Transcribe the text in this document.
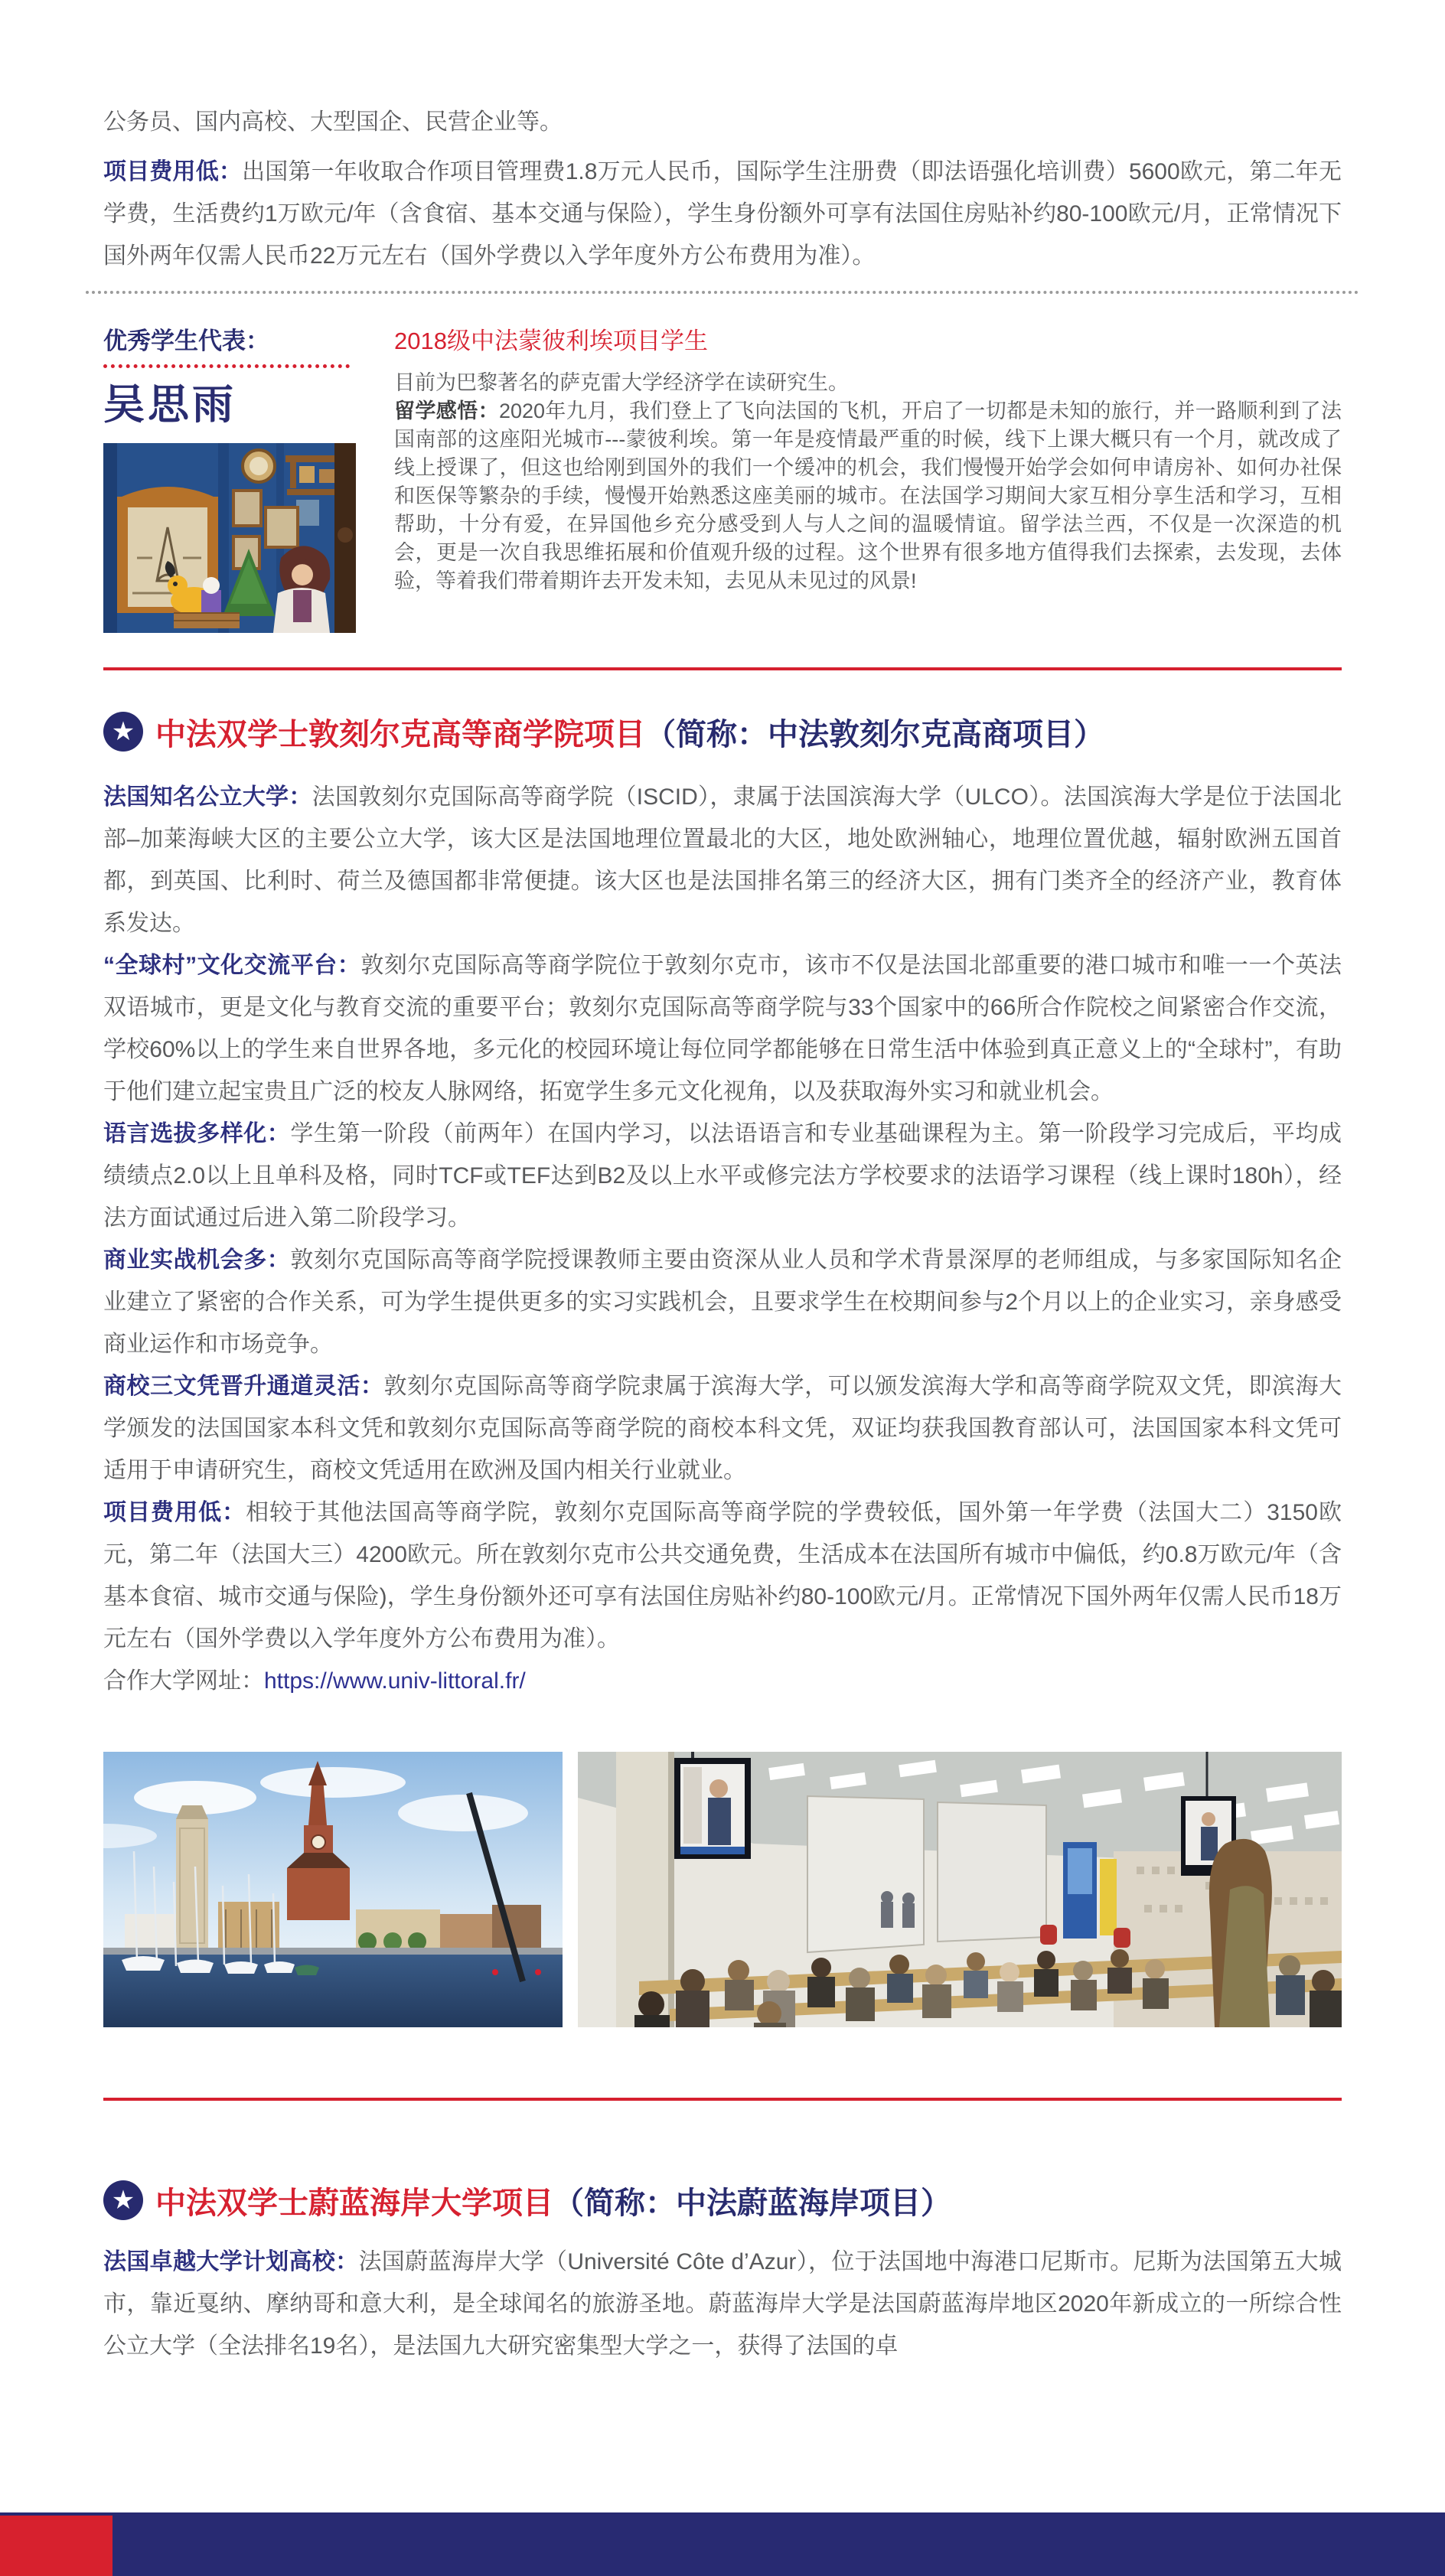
公务员、国内高校、大型国企、民营企业等。

项目费用低：出国第一年收取合作项目管理费1.8万元人民币，国际学生注册费（即法语强化培训费）5600欧元，第二年无学费，生活费约1万欧元/年（含食宿、基本交通与保险），学生身份额外可享有法国住房贴补约80-100欧元/月，正常情况下国外两年仅需人民币22万元左右（国外学费以入学年度外方公布费用为准）。

优秀学生代表：

吴思雨

2018级中法蒙彼利埃项目学生

目前为巴黎著名的萨克雷大学经济学在读研究生。

留学感悟：2020年九月，我们登上了飞向法国的飞机，开启了一切都是未知的旅行，并一路顺利到了法国南部的这座阳光城市---蒙彼利埃。第一年是疫情最严重的时候，线下上课大概只有一个月，就改成了线上授课了，但这也给刚到国外的我们一个缓冲的机会，我们慢慢开始学会如何申请房补、如何办社保和医保等繁杂的手续，慢慢开始熟悉这座美丽的城市。在法国学习期间大家互相分享生活和学习，互相帮助，十分有爱，在异国他乡充分感受到人与人之间的温暖情谊。留学法兰西，不仅是一次深造的机会，更是一次自我思维拓展和价值观升级的过程。这个世界有很多地方值得我们去探索，去发现，去体验，等着我们带着期许去开发未知，去见从未见过的风景!

★ 中法双学士敦刻尔克高等商学院项目 （简称：中法敦刻尔克高商项目）

法国知名公立大学：法国敦刻尔克国际高等商学院（ISCID），隶属于法国滨海大学（ULCO）。法国滨海大学是位于法国北部–加莱海峡大区的主要公立大学，该大区是法国地理位置最北的大区，地处欧洲轴心，地理位置优越，辐射欧洲五国首都，到英国、比利时、荷兰及德国都非常便捷。该大区也是法国排名第三的经济大区，拥有门类齐全的经济产业，教育体系发达。

“全球村”文化交流平台：敦刻尔克国际高等商学院位于敦刻尔克市，该市不仅是法国北部重要的港口城市和唯一一个英法双语城市，更是文化与教育交流的重要平台；敦刻尔克国际高等商学院与33个国家中的66所合作院校之间紧密合作交流，学校60%以上的学生来自世界各地，多元化的校园环境让每位同学都能够在日常生活中体验到真正意义上的“全球村”，有助于他们建立起宝贵且广泛的校友人脉网络，拓宽学生多元文化视角，以及获取海外实习和就业机会。

语言选拔多样化：学生第一阶段（前两年）在国内学习，以法语语言和专业基础课程为主。第一阶段学习完成后，平均成绩绩点2.0以上且单科及格，同时TCF或TEF达到B2及以上水平或修完法方学校要求的法语学习课程（线上课时180h），经法方面试通过后进入第二阶段学习。

商业实战机会多：敦刻尔克国际高等商学院授课教师主要由资深从业人员和学术背景深厚的老师组成，与多家国际知名企业建立了紧密的合作关系，可为学生提供更多的实习实践机会，且要求学生在校期间参与2个月以上的企业实习，亲身感受商业运作和市场竞争。

商校三文凭晋升通道灵活：敦刻尔克国际高等商学院隶属于滨海大学，可以颁发滨海大学和高等商学院双文凭，即滨海大学颁发的法国国家本科文凭和敦刻尔克国际高等商学院的商校本科文凭，双证均获我国教育部认可，法国国家本科文凭可适用于申请研究生，商校文凭适用在欧洲及国内相关行业就业。

项目费用低：相较于其他法国高等商学院，敦刻尔克国际高等商学院的学费较低，国外第一年学费（法国大二）3150欧元，第二年（法国大三）4200欧元。所在敦刻尔克市公共交通免费，生活成本在法国所有城市中偏低，约0.8万欧元/年（含基本食宿、城市交通与保险)，学生身份额外还可享有法国住房贴补约80-100欧元/月。正常情况下国外两年仅需人民币18万元左右（国外学费以入学年度外方公布费用为准）。

合作大学网址：https://www.univ-littoral.fr/

★ 中法双学士蔚蓝海岸大学项目 （简称：中法蔚蓝海岸项目）

法国卓越大学计划高校：法国蔚蓝海岸大学（Université Côte d’Azur），位于法国地中海港口尼斯市。尼斯为法国第五大城市，靠近戛纳、摩纳哥和意大利，是全球闻名的旅游圣地。蔚蓝海岸大学是法国蔚蓝海岸地区2020年新成立的一所综合性公立大学（全法排名19名），是法国九大研究密集型大学之一，获得了法国的卓
